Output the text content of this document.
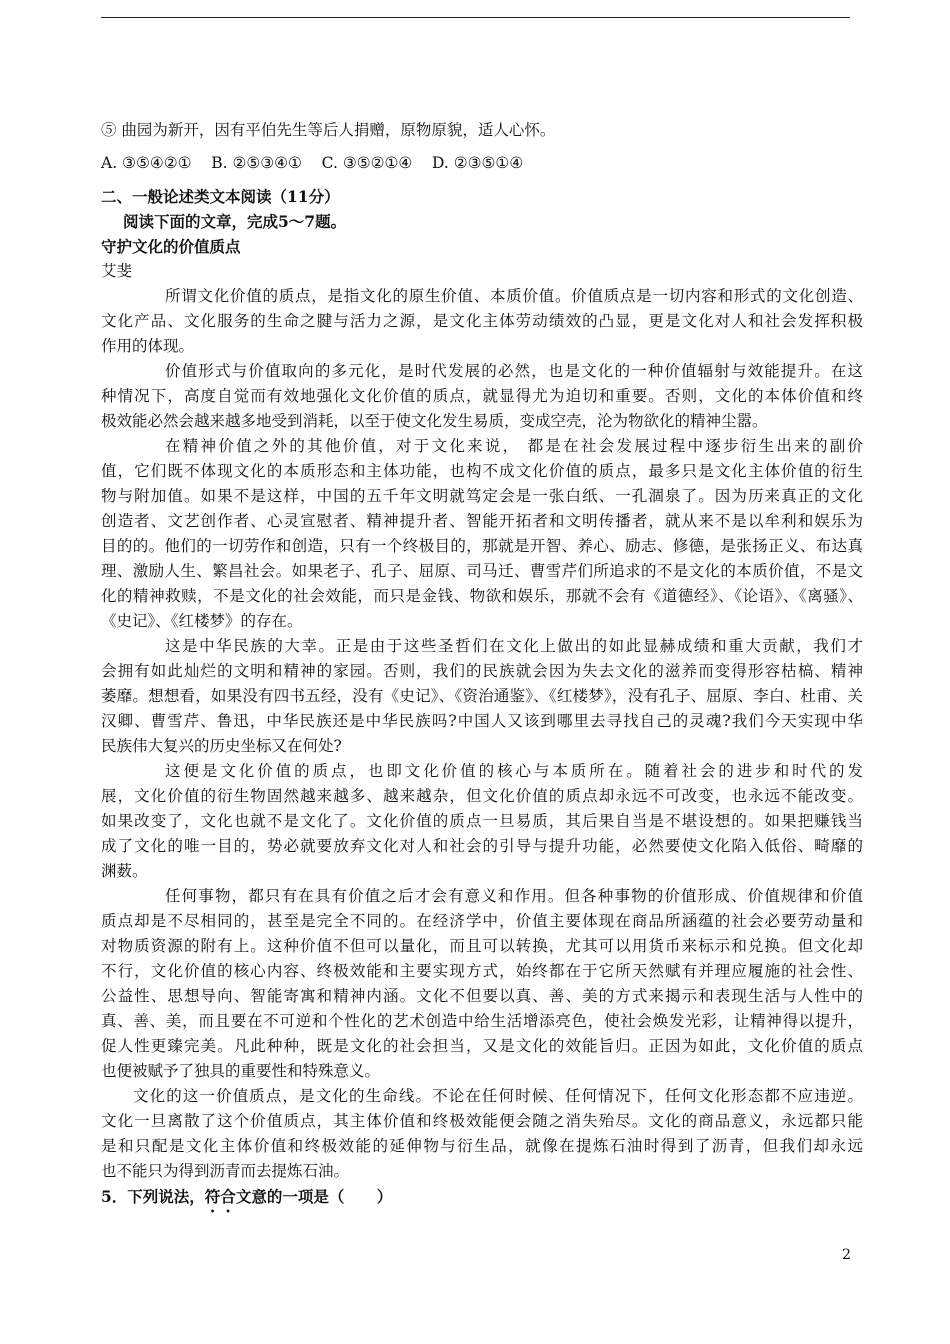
⑤ 曲园为新开，因有平伯先生等后人捐赠，原物原貌，适人心怀。
A. ③⑤④②①    B. ②⑤③④①    C. ③⑤②①④    D. ②③⑤①④
二、一般论述类文本阅读（11分）
阅读下面的文章，完成5～7题。
守护文化的价值质点
艾斐
所谓文化价值的质点，是指文化的原生价值、本质价值。价值质点是一切内容和形式的文化创造、
文化产品、文化服务的生命之腱与活力之源，是文化主体劳动绩效的凸显，更是文化对人和社会发挥积极
作用的体现。
价值形式与价值取向的多元化，是时代发展的必然，也是文化的一种价值辐射与效能提升。在这
种情况下，高度自觉而有效地强化文化价值的质点，就显得尤为迫切和重要。否则，文化的本体价值和终
极效能必然会越来越多地受到消耗，以至于使文化发生易质，变成空壳，沦为物欲化的精神尘嚣。
在精神价值之外的其他价值，对于文化来说， 都是在社会发展过程中逐步衍生出来的副价
值，它们既不体现文化的本质形态和主体功能，也构不成文化价值的质点，最多只是文化主体价值的衍生
物与附加值。如果不是这样，中国的五千年文明就笃定会是一张白纸、一孔涸泉了。因为历来真正的文化
创造者、文艺创作者、心灵宣慰者、精神提升者、智能开拓者和文明传播者，就从来不是以牟利和娱乐为
目的的。他们的一切劳作和创造，只有一个终极目的，那就是开智、养心、励志、修德，是张扬正义、布达真
理、激励人生、繁昌社会。如果老子、孔子、屈原、司马迁、曹雪芹们所追求的不是文化的本质价值，不是文
化的精神救赎，不是文化的社会效能，而只是金钱、物欲和娱乐，那就不会有《道德经》、《论语》、《离骚》、
《史记》、《红楼梦》的存在。
这是中华民族的大幸。正是由于这些圣哲们在文化上做出的如此显赫成绩和重大贡献，我们才
会拥有如此灿烂的文明和精神的家园。否则，我们的民族就会因为失去文化的滋养而变得形容枯槁、精神
萎靡。想想看，如果没有四书五经，没有《史记》、《资治通鉴》、《红楼梦》，没有孔子、屈原、李白、杜甫、关
汉卿、曹雪芹、鲁迅，中华民族还是中华民族吗?中国人又该到哪里去寻找自己的灵魂?我们今天实现中华
民族伟大复兴的历史坐标又在何处?
这便是文化价值的质点，也即文化价值的核心与本质所在。随着社会的进步和时代的发
展，文化价值的衍生物固然越来越多、越来越杂，但文化价值的质点却永远不可改变，也永远不能改变。
如果改变了，文化也就不是文化了。文化价值的质点一旦易质，其后果自当是不堪设想的。如果把赚钱当
成了文化的唯一目的，势必就要放弃文化对人和社会的引导与提升功能，必然要使文化陷入低俗、畸靡的
渊薮。
任何事物，都只有在具有价值之后才会有意义和作用。但各种事物的价值形成、价值规律和价值
质点却是不尽相同的，甚至是完全不同的。在经济学中，价值主要体现在商品所涵蕴的社会必要劳动量和
对物质资源的附有上。这种价值不但可以量化，而且可以转换，尤其可以用货币来标示和兑换。但文化却
不行，文化价值的核心内容、终极效能和主要实现方式，始终都在于它所天然赋有并理应履施的社会性、
公益性、思想导向、智能寄寓和精神内涵。文化不但要以真、善、美的方式来揭示和表现生活与人性中的
真、善、美，而且要在不可逆和个性化的艺术创造中给生活增添亮色，使社会焕发光彩，让精神得以提升，
促人性更臻完美。凡此种种，既是文化的社会担当，又是文化的效能旨归。正因为如此，文化价值的质点
也便被赋予了独具的重要性和特殊意义。
文化的这一价值质点，是文化的生命线。不论在任何时候、任何情况下，任何文化形态都不应违逆。
文化一旦离散了这个价值质点，其主体价值和终极效能便会随之消失殆尽。文化的商品意义，永远都只能
是和只配是文化主体价值和终极效能的延伸物与衍生品，就像在提炼石油时得到了沥青，但我们却永远
也不能只为得到沥青而去提炼石油。
5．下列说法，符合文意的一项是（      ）
2
